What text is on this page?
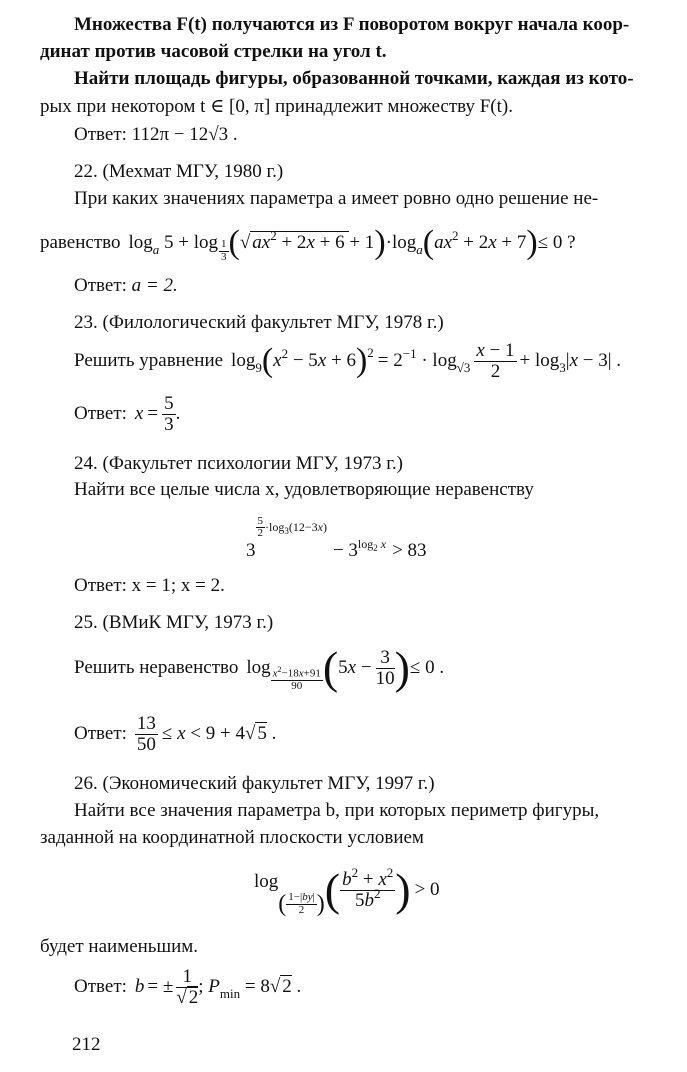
Множества F(t) получаются из F поворотом вокруг начала коор-
динат против часовой стрелки на угол t.
Найти площадь фигуры, образованной точками, каждая из кото-
рых при некотором t ∈ [0, π] принадлежит множеству F(t).
Ответ: 112π − 12√3 .
22. (Мехмат МГУ, 1980 г.)
При каких значениях параметра a имеет ровно одно решение не-
равенство $\log_a 5 + \log \frac{1}{3}$ ( √ $ax^2 + 2x + 6 + 1$ ) $\cdot\log_a$ ( $ax^2 + 2x + 7$ ) ≤ 0 ?
Ответ: a = 2.
23. (Филологический факультет МГУ, 1978 г.)
Решить уравнение $\log_9$ ( $x^2 - 5x + 6$ ) $2 = 2^{-1} \cdot \log_{√3} \frac{x - 1}{2} + \log_3|x - 3|$ .
Ответ: $x = \frac{5}{3}$ .
24. (Факультет психологии МГУ, 1973 г.)
Найти все целые числа x, удовлетворяющие неравенству
3
$\frac{5}{2} \cdot\log_3(12-3x)$
− 3 $\log_2 x > 83$
Ответ: x = 1; x = 2.
25. (ВМиК МГУ, 1973 г.)
Решить неравенство $\log \frac{x^2-18x+91}{90}$ ( $5x - \frac{3}{10}$ ) ≤ 0 .
Ответ: $\frac{13}{50} \le x < 9 + 4√$ 5 .
26. (Экономический факультет МГУ, 1997 г.)
Найти все значения параметра b, при которых периметр фигуры,
заданной на координатной плоскости условием
log
( $\frac{1-|by|}{2}$ ) ( $\frac{b^2 + x^2}{5b^2}$ ) > 0
будет наименьшим.
Ответ: b = ± $\frac{1}{√ 2}$ ; $P_{min} = 8√$ 2 .
212
